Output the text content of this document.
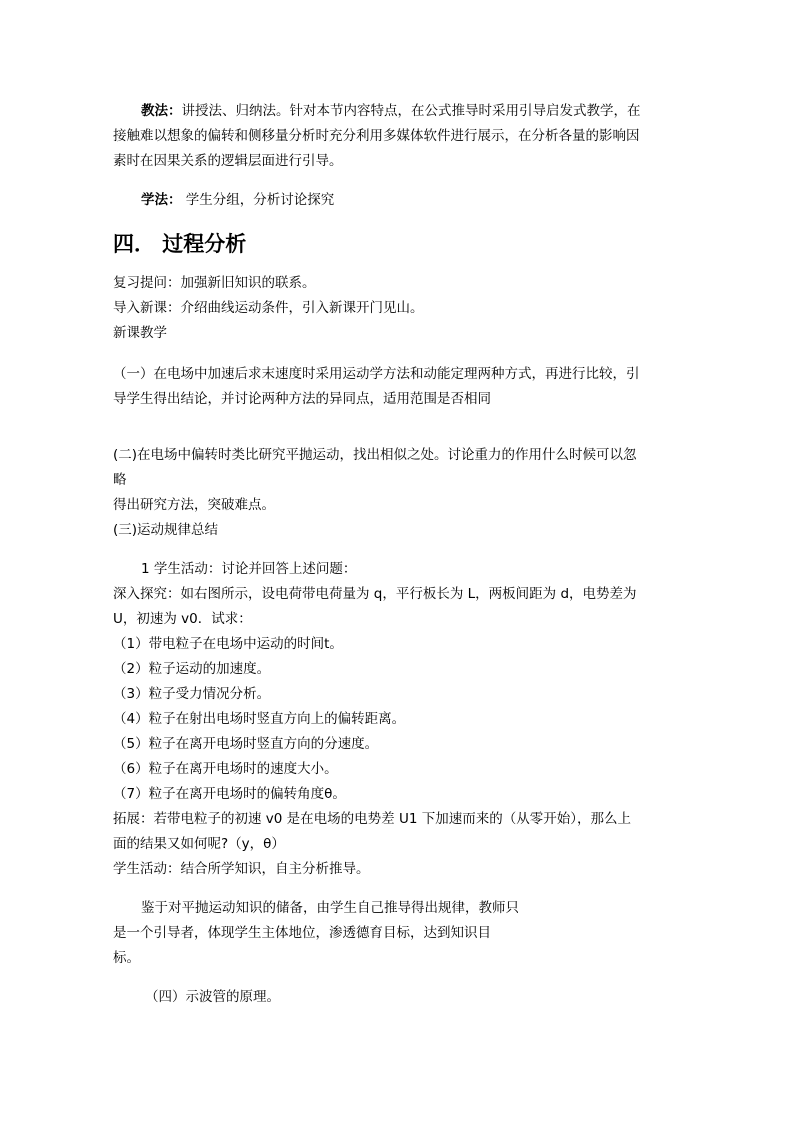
教法：讲授法、归纳法。针对本节内容特点，在公式推导时采用引导启发式教学，在
接触难以想象的偏转和侧移量分析时充分利用多媒体软件进行展示，在分析各量的影响因
素时在因果关系的逻辑层面进行引导。
学法： 学生分组，分析讨论探究
四． 过程分析
复习提问：加强新旧知识的联系。
导入新课：介绍曲线运动条件，引入新课开门见山。
新课教学
（一）在电场中加速后求末速度时采用运动学方法和动能定理两种方式，再进行比较，引
导学生得出结论，并讨论两种方法的异同点，适用范围是否相同
(二)在电场中偏转时类比研究平抛运动，找出相似之处。讨论重力的作用什么时候可以忽
略
得出研究方法，突破难点。
(三)运动规律总结
1 学生活动：讨论并回答上述问题：
深入探究：如右图所示，设电荷带电荷量为 q，平行板长为 L，两板间距为 d，电势差为
U，初速为 v0．试求：
（1）带电粒子在电场中运动的时间t。
（2）粒子运动的加速度。
（3）粒子受力情况分析。
（4）粒子在射出电场时竖直方向上的偏转距离。
（5）粒子在离开电场时竖直方向的分速度。
（6）粒子在离开电场时的速度大小。
（7）粒子在离开电场时的偏转角度θ。
拓展：若带电粒子的初速 v0 是在电场的电势差 U1 下加速而来的（从零开始），那么上
面的结果又如何呢?（y，θ）
学生活动：结合所学知识，自主分析推导。
鉴于对平抛运动知识的储备，由学生自己推导得出规律，教师只
是一个引导者，体现学生主体地位，渗透德育目标，达到知识目
标。
（四）示波管的原理。
